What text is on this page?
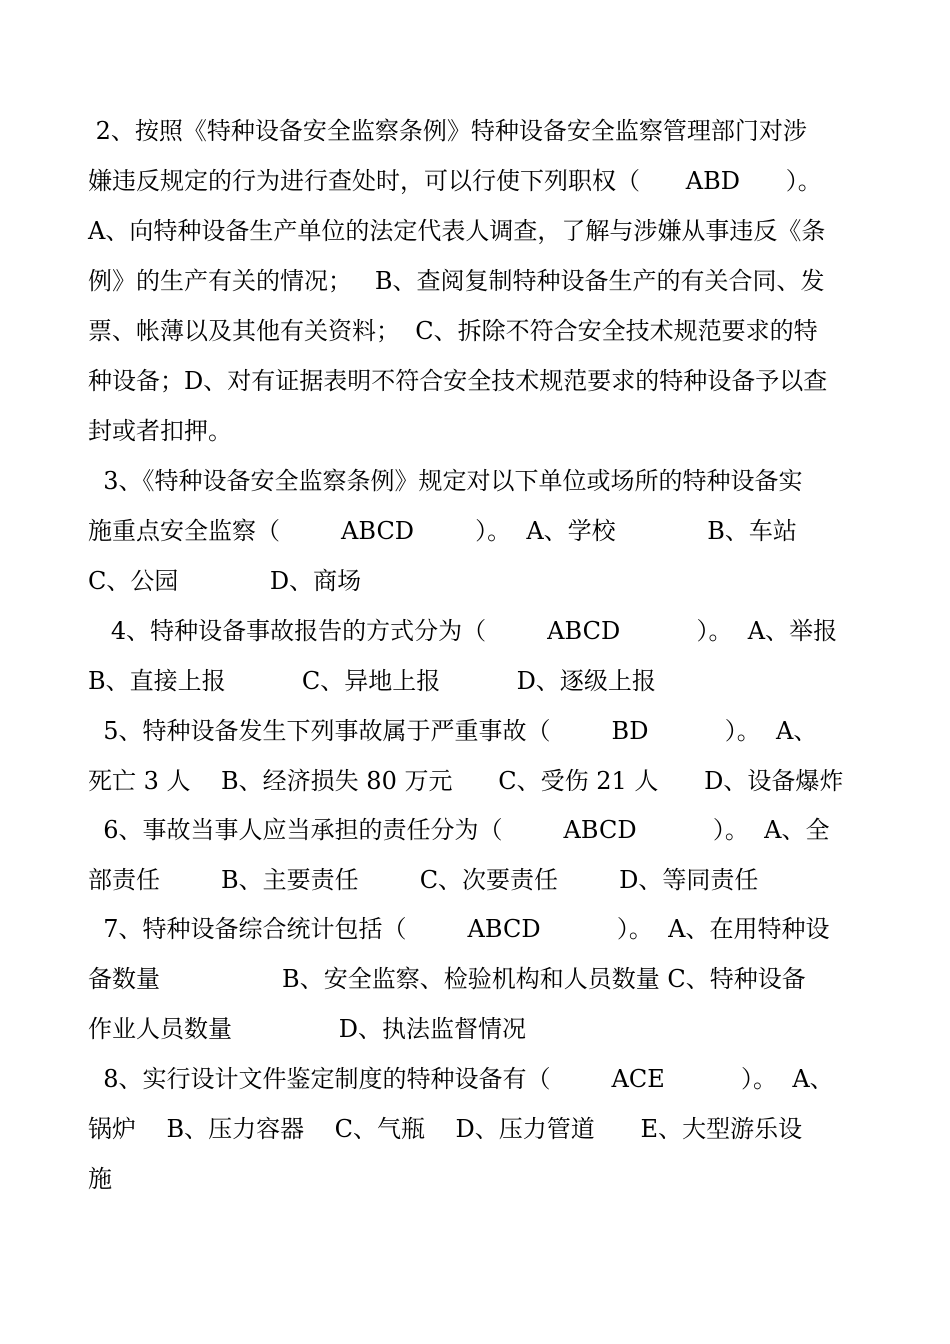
2、按照《特种设备安全监察条例》特种设备安全监察管理部门对涉
嫌违反规定的行为进行查处时，可以行使下列职权（      ABD      ）。
A、向特种设备生产单位的法定代表人调查，了解与涉嫌从事违反《条
例》的生产有关的情况；   B、查阅复制特种设备生产的有关合同、发
票、帐薄以及其他有关资料；  C、拆除不符合安全技术规范要求的特
种设备；D、对有证据表明不符合安全技术规范要求的特种设备予以查
封或者扣押。
3、《特种设备安全监察条例》规定对以下单位或场所的特种设备实
施重点安全监察（        ABCD        ）。  A、学校            B、车站
C、公园            D、商场
4、特种设备事故报告的方式分为（        ABCD          ）。  A、举报
B、直接上报          C、异地上报          D、逐级上报
5、特种设备发生下列事故属于严重事故（        BD          ）。  A、
死亡 3 人    B、经济损失 80 万元      C、受伤 21 人      D、设备爆炸
6、事故当事人应当承担的责任分为（        ABCD          ）。  A、全
部责任        B、主要责任        C、次要责任        D、等同责任
7、特种设备综合统计包括（        ABCD          ）。  A、在用特种设
备数量                B、安全监察、检验机构和人员数量 C、特种设备
作业人员数量              D、执法监督情况
8、实行设计文件鉴定制度的特种设备有（        ACE          ）。  A、
锅炉    B、压力容器    C、气瓶    D、压力管道      E、大型游乐设
施
